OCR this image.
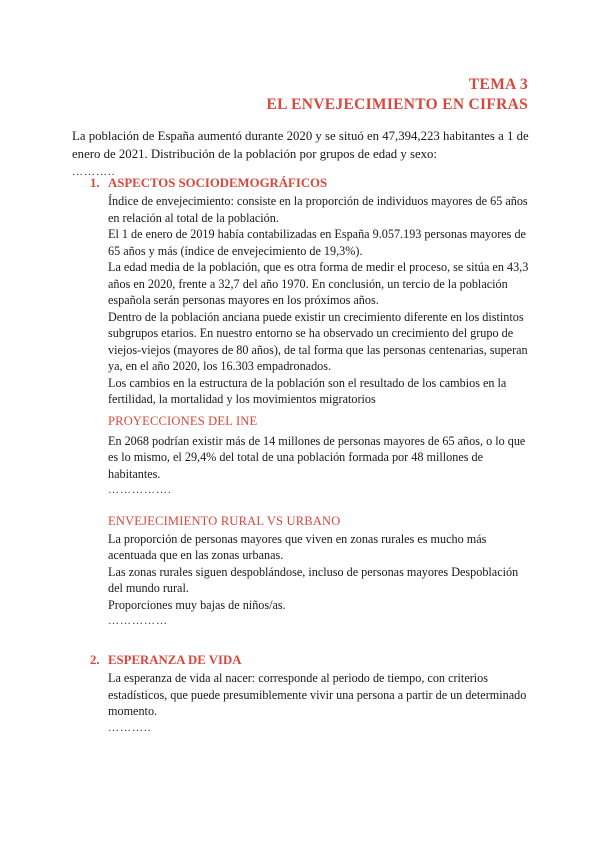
TEMA 3
EL ENVEJECIMIENTO EN CIFRAS
La población de España aumentó durante 2020 y se situó en 47,394,223 habitantes a 1 de enero de 2021. Distribución de la población por grupos de edad y sexo:
………..
1. ASPECTOS SOCIODEMOGRÁFICOS

Índice de envejecimiento: consiste en la proporción de individuos mayores de 65 años en relación al total de la población.

El 1 de enero de 2019 había contabilizadas en España 9.057.193 personas mayores de 65 años y más (índice de envejecimiento de 19,3%).

La edad media de la población, que es otra forma de medir el proceso, se sitúa en 43,3 años en 2020, frente a 32,7 del año 1970. En conclusión, un tercio de la población española serán personas mayores en los próximos años.

Dentro de la población anciana puede existir un crecimiento diferente en los distintos subgrupos etarios. En nuestro entorno se ha observado un crecimiento del grupo de viejos-viejos (mayores de 80 años), de tal forma que las personas centenarias, superan ya, en el año 2020, los 16.303 empadronados.

Los cambios en la estructura de la población son el resultado de los cambios en la fertilidad, la mortalidad y los movimientos migratorios

PROYECCIONES DEL INE

En 2068 podrían existir más de 14 millones de personas mayores de 65 años, o lo que es lo mismo, el 29,4% del total de una población formada por 48 millones de habitantes.

…………….
ENVEJECIMIENTO RURAL VS URBANO

La proporción de personas mayores que viven en zonas rurales es mucho más acentuada que en las zonas urbanas.

Las zonas rurales siguen despoblándose, incluso de personas mayores Despoblación del mundo rural.

Proporciones muy bajas de niños/as.

……………
2. ESPERANZA DE VIDA

La esperanza de vida al nacer: corresponde al periodo de tiempo, con criterios estadísticos, que puede presumiblemente vivir una persona a partir de un determinado momento.

………..
